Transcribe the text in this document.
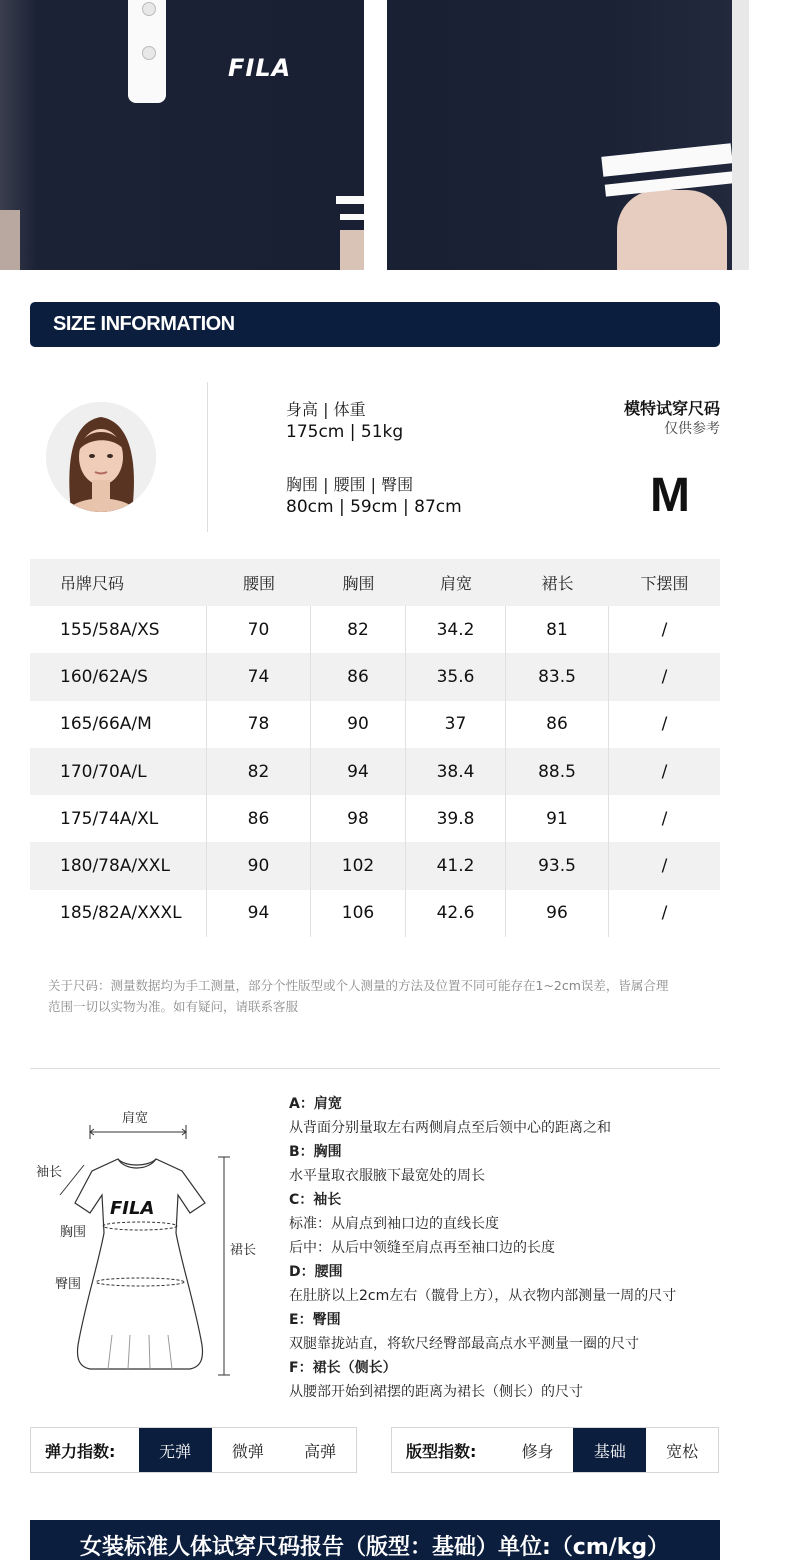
FILA
SIZE INFORMATION
身高 | 体重
175cm | 51kg
胸围 | 腰围 | 臀围
80cm | 59cm | 87cm
模特试穿尺码
仅供参考
M
吊牌尺码	腰围	胸围	肩宽	裙长	下摆围
155/58A/XS	70	82	34.2	81	/
160/62A/S	74	86	35.6	83.5	/
165/66A/M	78	90	37	86	/
170/70A/L	82	94	38.4	88.5	/
175/74A/XL	86	98	39.8	91	/
180/78A/XXL	90	102	41.2	93.5	/
185/82A/XXXL	94	106	42.6	96	/
关于尺码：测量数据均为手工测量，部分个性版型或个人测量的方法及位置不同可能存在1~2cm误差，皆属合理
范围一切以实物为准。如有疑问，请联系客服
FILA
肩宽
袖长
胸围
臀围
裙长
A：肩宽
从背面分别量取左右两侧肩点至后领中心的距离之和
B：胸围
水平量取衣服腋下最宽处的周长
C：袖长
标准：从肩点到袖口边的直线长度
后中：从后中领缝至肩点再至袖口边的长度
D：腰围
在肚脐以上2cm左右（髋骨上方），从衣物内部测量一周的尺寸
E：臀围
双腿靠拢站直，将软尺经臀部最高点水平测量一圈的尺寸
F：裙长（侧长）
从腰部开始到裙摆的距离为裙长（侧长）的尺寸
弹力指数:	无弹	微弹	高弹	版型指数:	修身	基础	宽松
女装标准人体试穿尺码报告（版型：基础）单位:（cm/kg）
